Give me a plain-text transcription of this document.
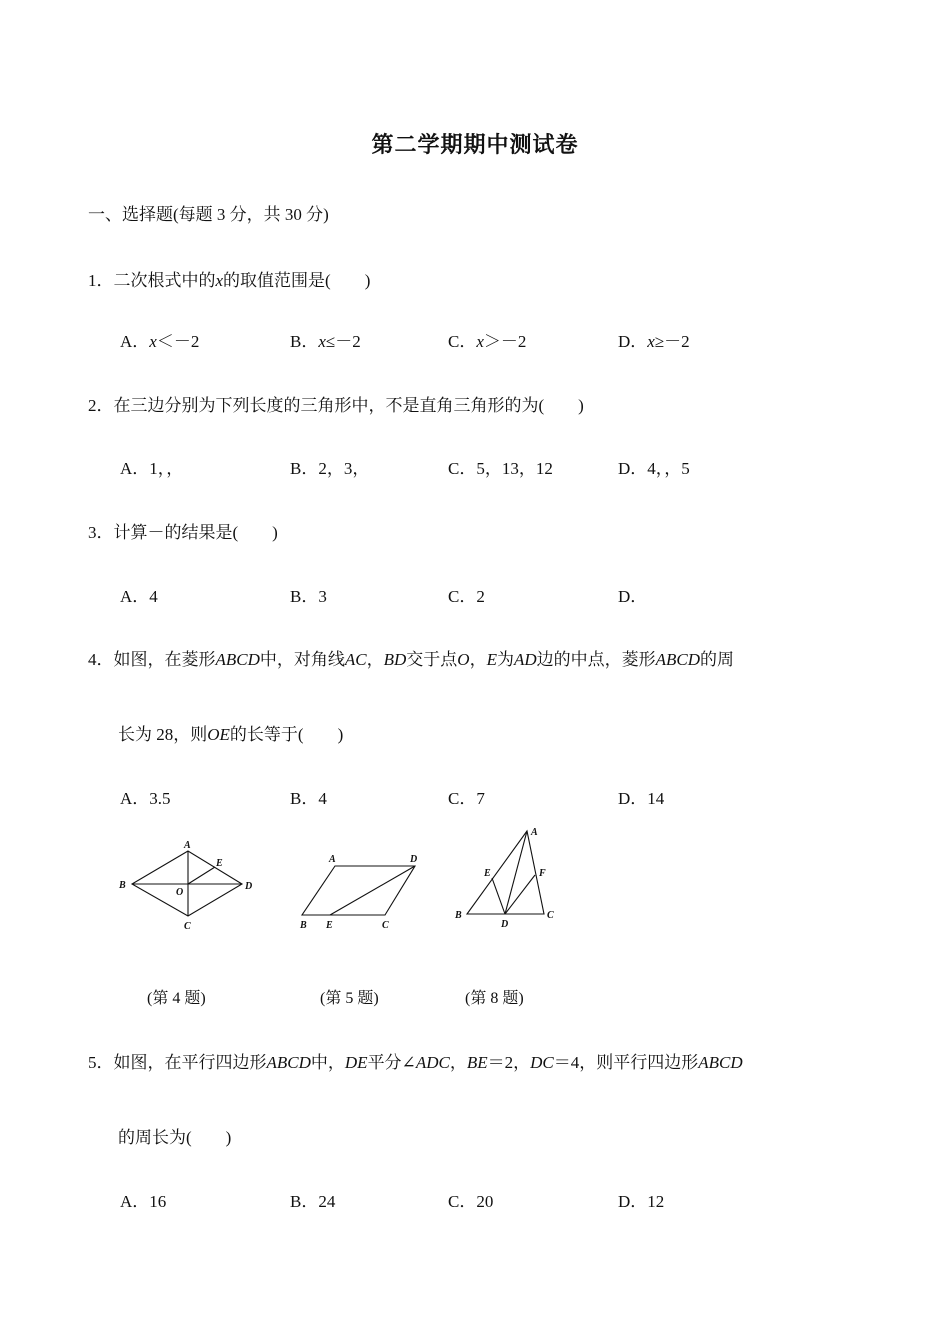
第二学期期中测试卷
一、选择题(每题 3 分，共 30 分)
1．二次根式中的x的取值范围是( )
A．x＜－2	B．x≤－2	C．x＞－2	D．x≥－2
2．在三边分别为下列长度的三角形中，不是直角三角形的为( )
A．1，，	B．2，3，	C．5，13，12	D．4，，5
3．计算－的结果是( )
A．4	B．3	C．2	D．
4．如图，在菱形ABCD中，对角线AC，BD交于点O，E为AD边的中点，菱形ABCD的周
长为 28，则OE的长等于( )
A．3.5	B．4	C．7	D．14
A
B
C
D
E
O
A	D
B E	C
A
E	F
B
D
C
(第 4 题)	(第 5 题)	(第 8 题)
5．如图，在平行四边形ABCD中，DE平分∠ADC，BE＝2，DC＝4，则平行四边形ABCD
的周长为( )
A．16	B．24	C．20	D．12
